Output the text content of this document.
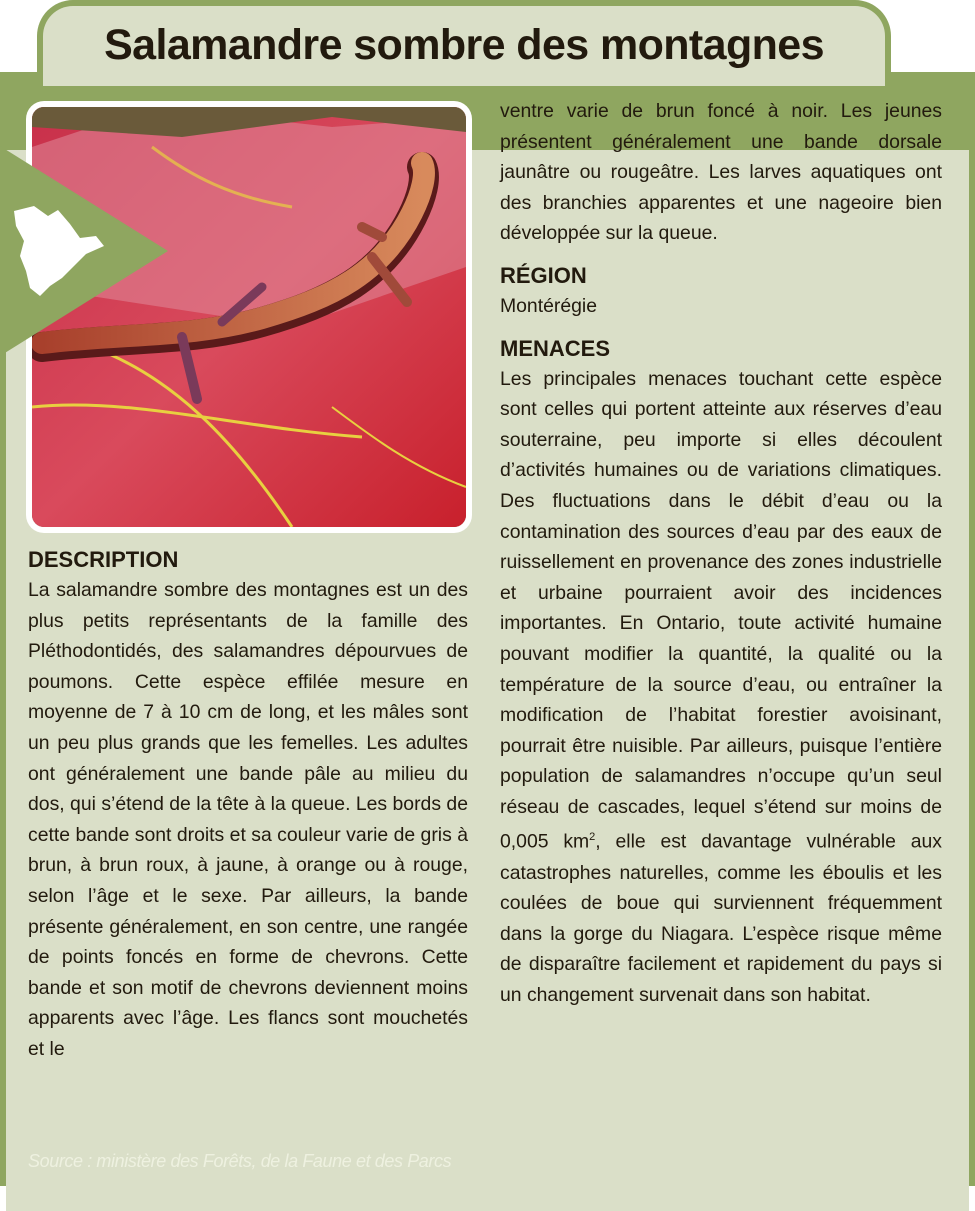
Salamandre sombre des montagnes
DESCRIPTION

La salamandre sombre des montagnes est un des plus petits représentants de la famille des Pléthodontidés, des salamandres dépourvues de poumons. Cette espèce effilée mesure en moyenne de 7 à 10 cm de long, et les mâles sont un peu plus grands que les femelles. Les adultes ont généralement une bande pâle au milieu du dos, qui s’étend de la tête à la queue. Les bords de cette bande sont droits et sa couleur varie de gris à brun, à brun roux, à jaune, à orange ou à rouge, selon l’âge et le sexe. Par ailleurs, la bande présente généralement, en son centre, une rangée de points foncés en forme de chevrons. Cette bande et son motif de chevrons deviennent moins apparents avec l’âge. Les flancs sont mouchetés et le

ventre varie de brun foncé à noir. Les jeunes présentent généralement une bande dorsale jaunâtre ou rougeâtre. Les larves aquatiques ont des branchies apparentes et une nageoire bien développée sur la queue.

RÉGION

Montérégie

MENACES

Les principales menaces touchant cette espèce sont celles qui portent atteinte aux réserves d’eau souterraine, peu importe si elles découlent d’activités humaines ou de variations climatiques. Des fluctuations dans le débit d’eau ou la contamination des sources d’eau par des eaux de ruissellement en provenance des zones industrielle et urbaine pourraient avoir des incidences importantes. En Ontario, toute activité humaine pouvant modifier la quantité, la qualité ou la température de la source d’eau, ou entraîner la modification de l’habitat forestier avoisinant, pourrait être nuisible. Par ailleurs, puisque l’entière population de salamandres n’occupe qu’un seul réseau de cascades, lequel s’étend sur moins de 0,005 $km^2$, elle est davantage vulnérable aux catastrophes naturelles, comme les éboulis et les coulées de boue qui surviennent fréquemment dans la gorge du Niagara. L’espèce risque même de disparaître facilement et rapidement du pays si un changement survenait dans son habitat.

Source : ministère des Forêts, de la Faune et des Parcs
